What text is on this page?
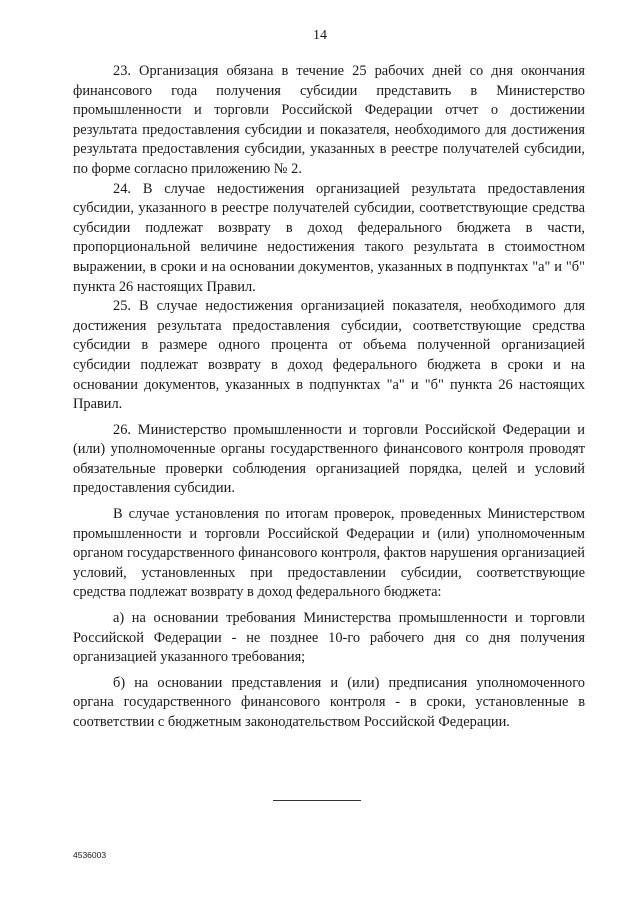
14

23. Организация обязана в течение 25 рабочих дней со дня окончания финансового года получения субсидии представить в Министерство промышленности и торговли Российской Федерации отчет о достижении результата предоставления субсидии и показателя, необходимого для достижения результата предоставления субсидии, указанных в реестре получателей субсидии, по форме согласно приложению № 2.

24. В случае недостижения организацией результата предоставления субсидии, указанного в реестре получателей субсидии, соответствующие средства субсидии подлежат возврату в доход федерального бюджета в части, пропорциональной величине недостижения такого результата в стоимостном выражении, в сроки и на основании документов, указанных в подпунктах "а" и "б" пункта 26 настоящих Правил.

25. В случае недостижения организацией показателя, необходимого для достижения результата предоставления субсидии, соответствующие средства субсидии в размере одного процента от объема полученной организацией субсидии подлежат возврату в доход федерального бюджета в сроки и на основании документов, указанных в подпунктах "а" и "б" пункта 26 настоящих Правил.

26. Министерство промышленности и торговли Российской Федерации и (или) уполномоченные органы государственного финансового контроля проводят обязательные проверки соблюдения организацией порядка, целей и условий предоставления субсидии.

В случае установления по итогам проверок, проведенных Министерством промышленности и торговли Российской Федерации и (или) уполномоченным органом государственного финансового контроля, фактов нарушения организацией условий, установленных при предоставлении субсидии, соответствующие средства подлежат возврату в доход федерального бюджета:

а) на основании требования Министерства промышленности и торговли Российской Федерации - не позднее 10-го рабочего дня со дня получения организацией указанного требования;

б) на основании представления и (или) предписания уполномоченного органа государственного финансового контроля - в сроки, установленные в соответствии с бюджетным законодательством Российской Федерации.

4536003
